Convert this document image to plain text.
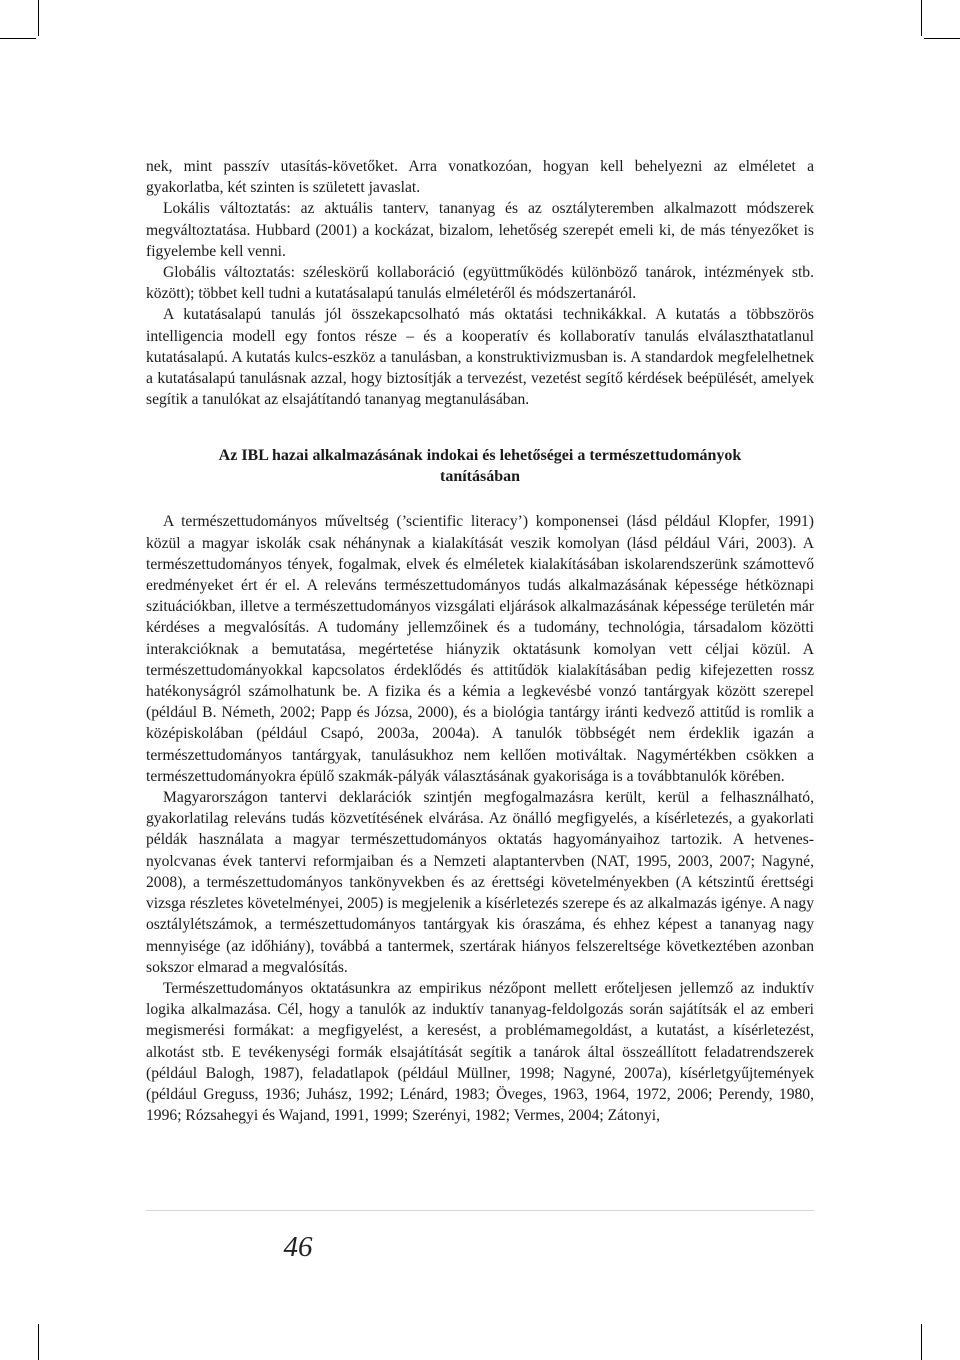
nek, mint passzív utasítás-követőket. Arra vonatkozóan, hogyan kell behelyezni az elméletet a gyakorlatba, két szinten is született javaslat.

Lokális változtatás: az aktuális tanterv, tananyag és az osztályteremben alkalmazott módszerek megváltoztatása. Hubbard (2001) a kockázat, bizalom, lehetőség szerepét emeli ki, de más tényezőket is figyelembe kell venni.

Globális változtatás: széleskörű kollaboráció (együttműködés különböző tanárok, intézmények stb. között); többet kell tudni a kutatásalapú tanulás elméletéről és módszertanáról.

A kutatásalapú tanulás jól összekapcsolható más oktatási technikákkal. A kutatás a többszörös intelligencia modell egy fontos része – és a kooperatív és kollaboratív tanulás elválaszthatatlanul kutatásalapú. A kutatás kulcs-eszköz a tanulásban, a konstruktivizmusban is. A standardok megfelelhetnek a kutatásalapú tanulásnak azzal, hogy biztosítják a tervezést, vezetést segítő kérdések beépülését, amelyek segítik a tanulókat az elsajátítandó tananyag megtanulásában.

Az IBL hazai alkalmazásának indokai és lehetőségei a természettudományok tanításában

A természettudományos műveltség (’scientific literacy’) komponensei (lásd például Klopfer, 1991) közül a magyar iskolák csak néhánynak a kialakítását veszik komolyan (lásd például Vári, 2003). A természettudományos tények, fogalmak, elvek és elméletek kialakításában iskolarendszerünk számottevő eredményeket ért ér el. A releváns természettudományos tudás alkalmazásának képessége hétköznapi szituációkban, illetve a természettudományos vizsgálati eljárások alkalmazásának képessége területén már kérdéses a megvalósítás. A tudomány jellemzőinek és a tudomány, technológia, társadalom közötti interakcióknak a bemutatása, megértetése hiányzik oktatásunk komolyan vett céljai közül. A természettudományokkal kapcsolatos érdeklődés és attitűdök kialakításában pedig kifejezetten rossz hatékonyságról számolhatunk be. A fizika és a kémia a legkevésbé vonzó tantárgyak között szerepel (például B. Németh, 2002; Papp és Józsa, 2000), és a biológia tantárgy iránti kedvező attitűd is romlik a középiskolában (például Csapó, 2003a, 2004a). A tanulók többségét nem érdeklik igazán a természettudományos tantárgyak, tanulásukhoz nem kellően motiváltak. Nagymértékben csökken a természettudományokra épülő szakmák-pályák választásának gyakorisága is a továbbtanulók körében.

Magyarországon tantervi deklarációk szintjén megfogalmazásra került, kerül a felhasználható, gyakorlatilag releváns tudás közvetítésének elvárása. Az önálló megfigyelés, a kísérletezés, a gyakorlati példák használata a magyar természettudományos oktatás hagyományaihoz tartozik. A hetvenes-nyolcvanas évek tantervi reformjaiban és a Nemzeti alaptantervben (NAT, 1995, 2003, 2007; Nagyné, 2008), a természettudományos tankönyvekben és az érettségi követelményekben (A kétszintű érettségi vizsga részletes követelményei, 2005) is megjelenik a kísérletezés szerepe és az alkalmazás igénye. A nagy osztálylétszámok, a természettudományos tantárgyak kis óraszáma, és ehhez képest a tananyag nagy mennyisége (az időhiány), továbbá a tantermek, szertárak hiányos felszereltsége következtében azonban sokszor elmarad a megvalósítás.

Természettudományos oktatásunkra az empirikus nézőpont mellett erőteljesen jellemző az induktív logika alkalmazása. Cél, hogy a tanulók az induktív tananyag-feldolgozás során sajátítsák el az emberi megismerési formákat: a megfigyelést, a keresést, a problémamegoldást, a kutatást, a kísérletezést, alkotást stb. E tevékenységi formák elsajátítását segítik a tanárok által összeállított feladatrendszerek (például Balogh, 1987), feladatlapok (például Müllner, 1998; Nagyné, 2007a), kísérletgyűjtemények (például Greguss, 1936; Juhász, 1992; Lénárd, 1983; Öveges, 1963, 1964, 1972, 2006; Perendy, 1980, 1996; Rózsahegyi és Wajand, 1991, 1999; Szerényi, 1982; Vermes, 2004; Zátonyi,

46
